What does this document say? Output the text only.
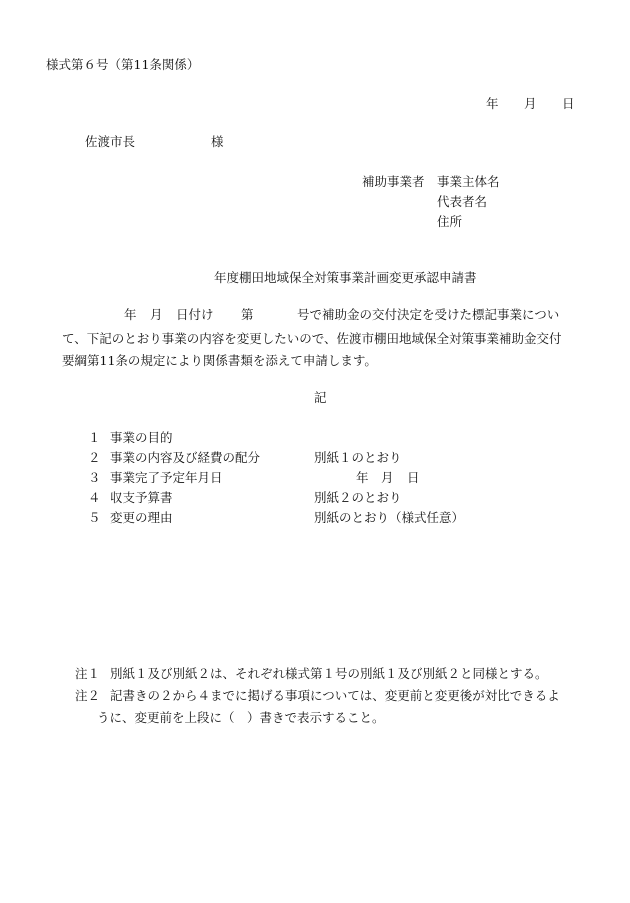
様式第６号（第11条関係）
年 月 日
佐渡市長	様
補助事業者 事業主体名
代表者名
住所
年度棚田地域保全対策事業計画変更承認申請書
年 月 日付け 第	号で補助金の交付決定を受けた標記事業につい
て、下記のとおり事業の内容を変更したいので、佐渡市棚田地域保全対策事業補助金交付
要綱第11条の規定により関係書類を添えて申請します。
記
１ 事業の目的
２ 事業の内容及び経費の配分	別紙１のとおり
３ 事業完了予定年月日	年 月 日
４ 収支予算書	別紙２のとおり
５ 変更の理由	別紙のとおり（様式任意）
注１ 別紙１及び別紙２は、それぞれ様式第１号の別紙１及び別紙２と同様とする。
注２ 記書きの２から４までに掲げる事項については、変更前と変更後が対比できるよ
うに、変更前を上段に（　）書きで表示すること。
